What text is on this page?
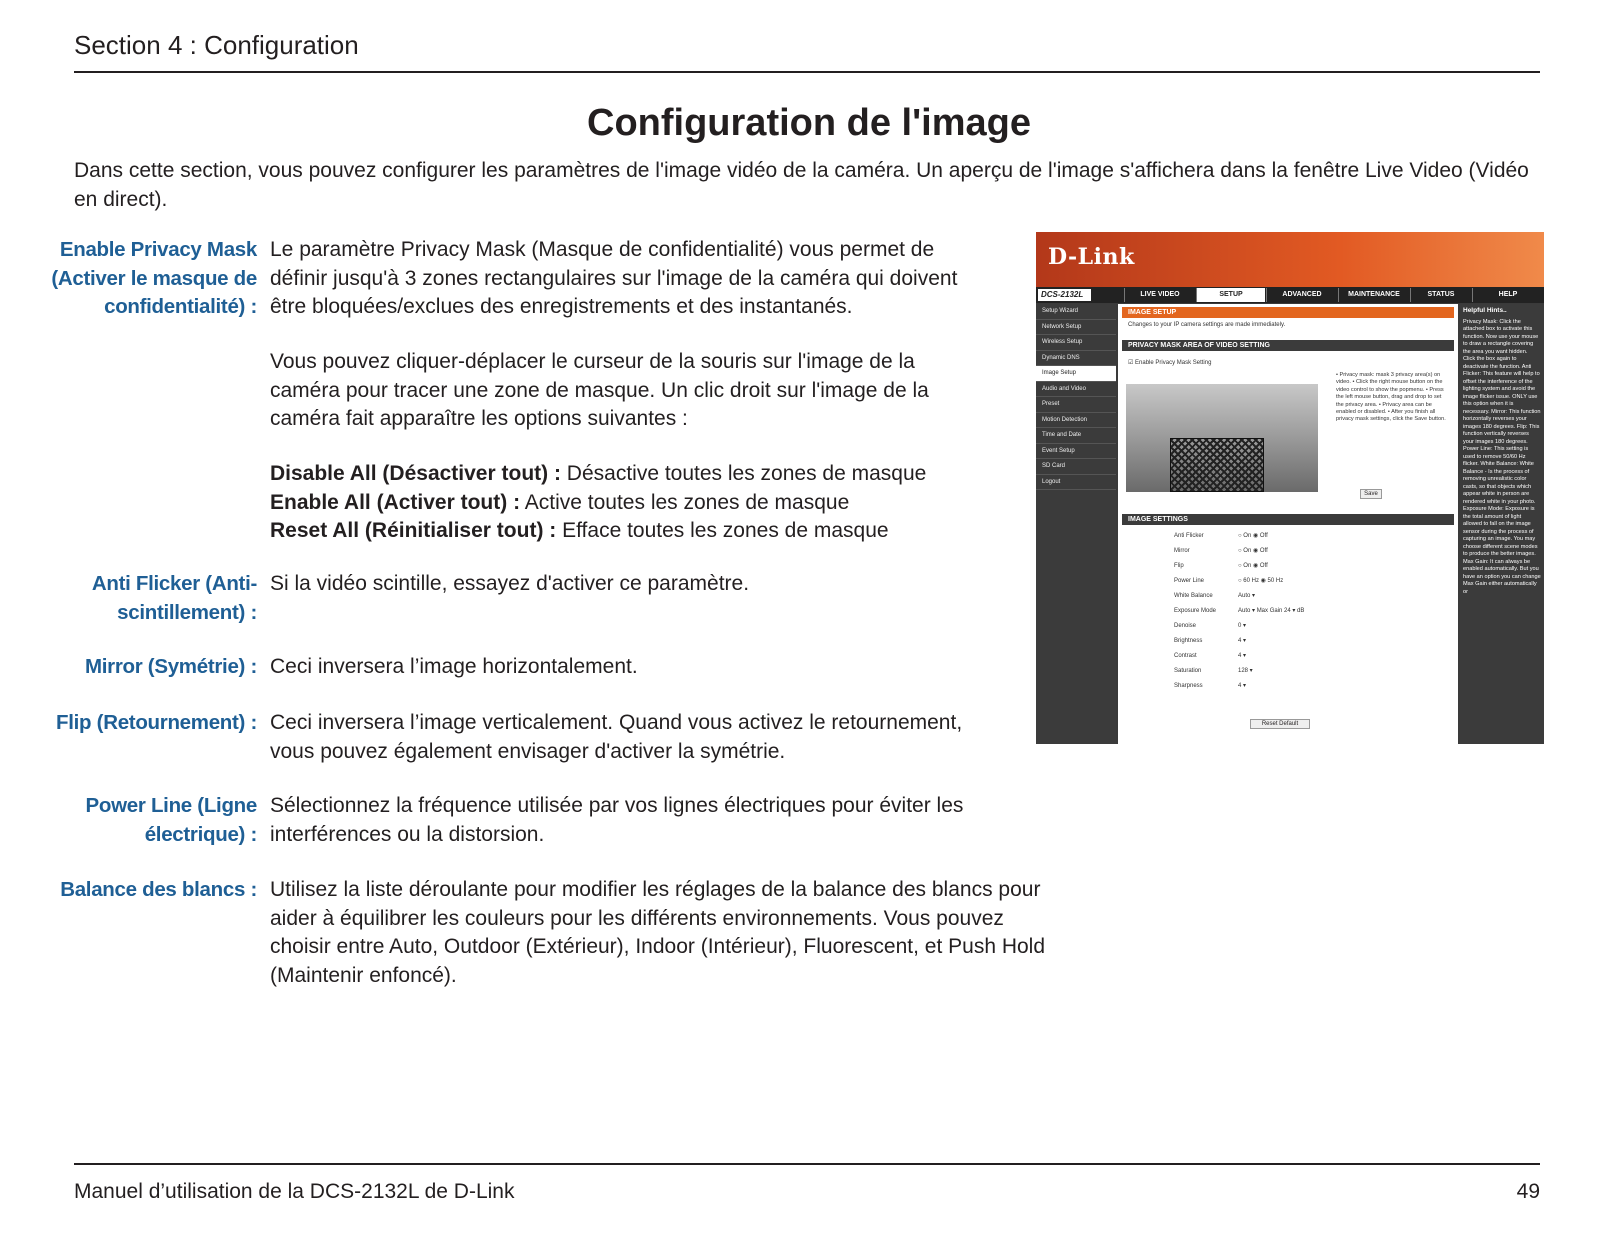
Section 4 : Configuration
Configuration de l'image
Dans cette section, vous pouvez configurer les paramètres de l'image vidéo de la caméra. Un aperçu de l'image s'affichera dans la fenêtre Live Video (Vidéo en direct).
Enable Privacy Mask (Activer le masque de confidentialité) :
Le paramètre Privacy Mask (Masque de confidentialité) vous permet de définir jusqu'à 3 zones rectangulaires sur l'image de la caméra qui doivent être bloquées/exclues des enregistrements et des instantanés.
Vous pouvez cliquer-déplacer le curseur de la souris sur l'image de la caméra pour tracer une zone de masque. Un clic droit sur l'image de la caméra fait apparaître les options suivantes :
Disable All (Désactiver tout) : Désactive toutes les zones de masque
Enable All (Activer tout) : Active toutes les zones de masque
Reset All (Réinitialiser tout) : Efface toutes les zones de masque
Anti Flicker (Anti-scintillement) :
Si la vidéo scintille, essayez d'activer ce paramètre.
Mirror (Symétrie) : Ceci inversera l’image horizontalement.
Flip (Retournement) : Ceci inversera l’image verticalement. Quand vous activez le retournement, vous pouvez également envisager d'activer la symétrie.
Power Line (Ligne électrique) :
Sélectionnez la fréquence utilisée par vos lignes électriques pour éviter les interférences ou la distorsion.
Balance des blancs : Utilisez la liste déroulante pour modifier les réglages de la balance des blancs pour aider à équilibrer les couleurs pour les différents environnements. Vous pouvez choisir entre Auto, Outdoor (Extérieur), Indoor (Intérieur), Fluorescent, et Push Hold (Maintenir enfoncé).
D-Link
DCS-2132L	LIVE VIDEO	SETUP	ADVANCED	MAINTENANCE	STATUS	HELP
Setup Wizard
Network Setup
Wireless Setup
Dynamic DNS
Image Setup
Audio and Video
Preset
Motion Detection
Time and Date
Event Setup
SD Card
Logout
IMAGE SETUP
Changes to your IP camera settings are made immediately.
PRIVACY MASK AREA OF VIDEO SETTING
☑ Enable Privacy Mask Setting
• Privacy mask: mask 3 privacy area(s) on video. • Click the right mouse button on the video control to show the popmenu. • Press the left mouse button, drag and drop to set the privacy area. • Privacy area can be enabled or disabled. • After you finish all privacy mask settings, click the Save button.
Save
IMAGE SETTINGS
Anti Flicker	○ On ◉ Off
Mirror	○ On ◉ Off
Flip	○ On ◉ Off
Power Line	○ 60 Hz ◉ 50 Hz
White Balance	Auto ▾
Exposure Mode	Auto ▾ Max Gain 24 ▾ dB
Denoise	0 ▾
Brightness	4 ▾
Contrast	4 ▾
Saturation	128 ▾
Sharpness	4 ▾
Reset Default
Helpful Hints..
Privacy Mask: Click the attached box to activate this function. Now use your mouse to draw a rectangle covering the area you want hidden. Click the box again to deactivate the function. Anti Flicker: This feature will help to offset the interference of the lighting system and avoid the image flicker issue. ONLY use this option when it is necessary. Mirror: This function horizontally reverses your images 180 degrees. Flip: This function vertically reverses your images 180 degrees. Power Line: This setting is used to remove 50/60 Hz flicker. White Balance: White Balance - Is the process of removing unrealistic color casts, so that objects which appear white in person are rendered white in your photo. Exposure Mode: Exposure is the total amount of light allowed to fall on the image sensor during the process of capturing an image. You may choose different scene modes to produce the better images. Max Gain: It can always be enabled automatically. But you have an option you can change Max Gain either automatically or
Manuel d’utilisation de la DCS-2132L de D-Link	49
